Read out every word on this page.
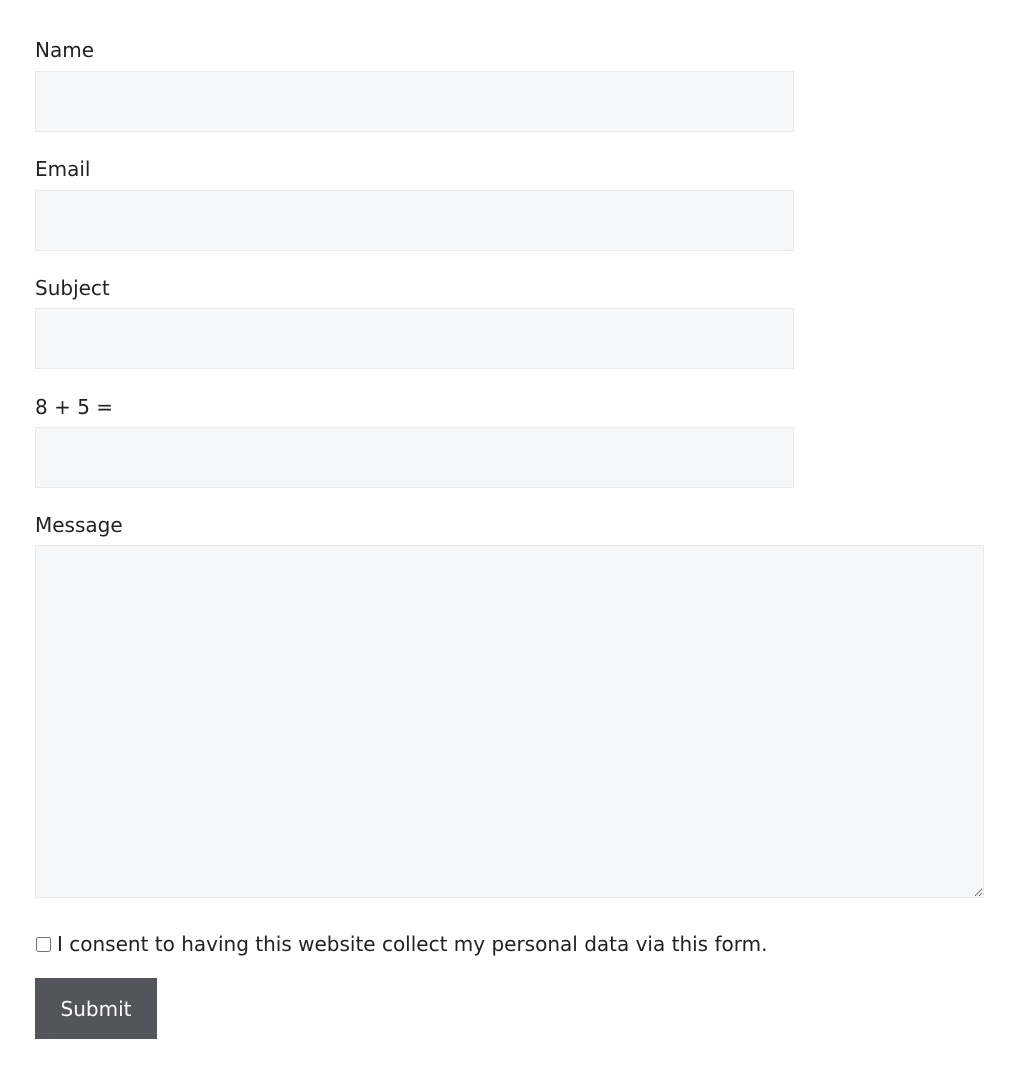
Name
Email
Subject
8 + 5 =
Message
I consent to having this website collect my personal data via this form.
Submit
